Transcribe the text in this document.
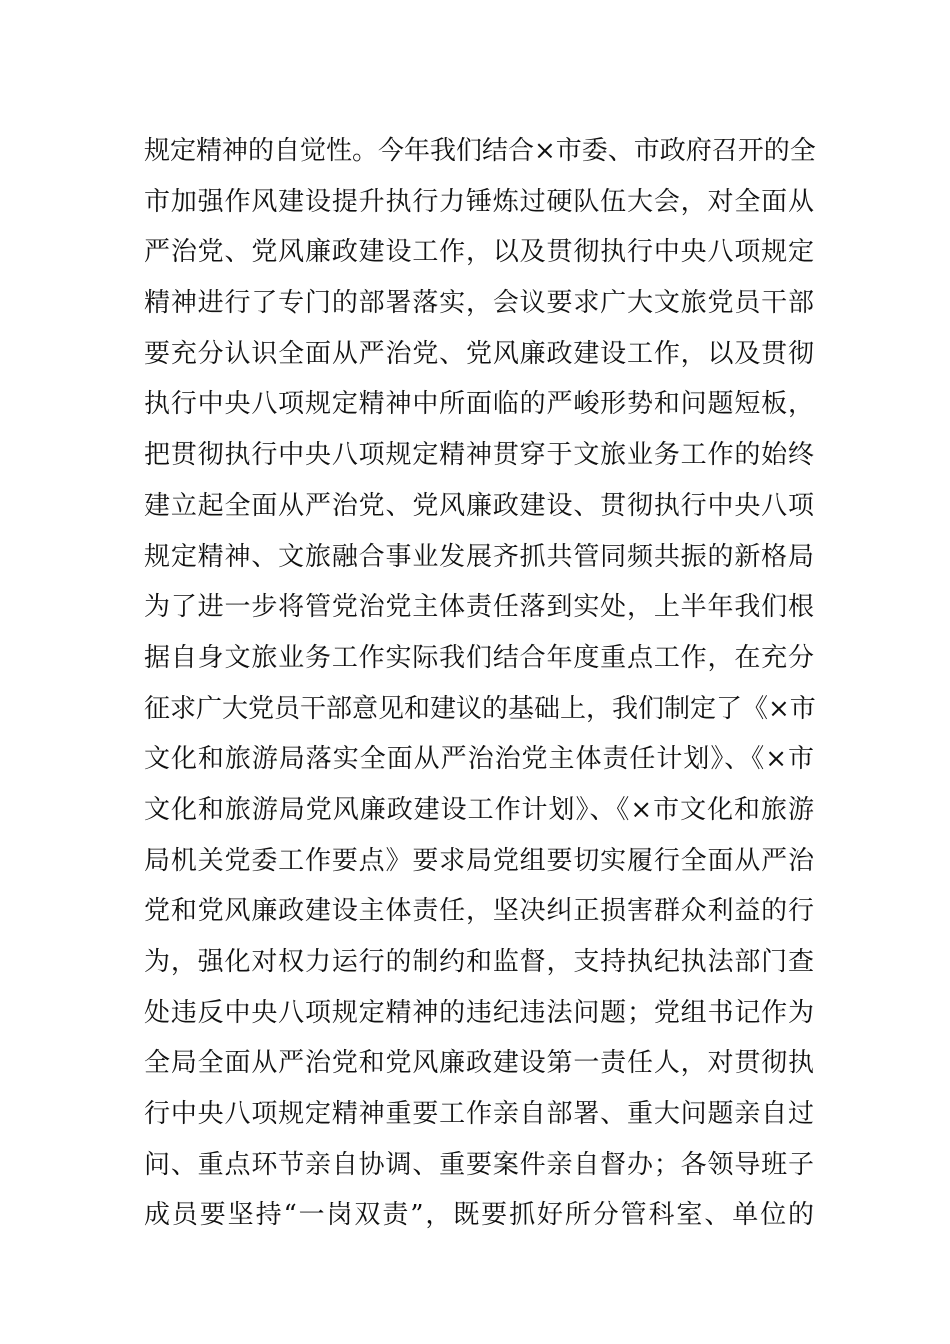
规定精神的自觉性。今年我们结合×市委、市政府召开的全
市加强作风建设提升执行力锤炼过硬队伍大会，对全面从
严治党、党风廉政建设工作，以及贯彻执行中央八项规定
精神进行了专门的部署落实，会议要求广大文旅党员干部
要充分认识全面从严治党、党风廉政建设工作，以及贯彻
执行中央八项规定精神中所面临的严峻形势和问题短板，
把贯彻执行中央八项规定精神贯穿于文旅业务工作的始终
建立起全面从严治党、党风廉政建设、贯彻执行中央八项
规定精神、文旅融合事业发展齐抓共管同频共振的新格局
为了进一步将管党治党主体责任落到实处，上半年我们根
据自身文旅业务工作实际我们结合年度重点工作，在充分
征求广大党员干部意见和建议的基础上，我们制定了《×市
文化和旅游局落实全面从严治治党主体责任计划》、《×市
文化和旅游局党风廉政建设工作计划》、《×市文化和旅游
局机关党委工作要点》要求局党组要切实履行全面从严治
党和党风廉政建设主体责任，坚决纠正损害群众利益的行
为，强化对权力运行的制约和监督，支持执纪执法部门查
处违反中央八项规定精神的违纪违法问题；党组书记作为
全局全面从严治党和党风廉政建设第一责任人，对贯彻执
行中央八项规定精神重要工作亲自部署、重大问题亲自过
问、重点环节亲自协调、重要案件亲自督办；各领导班子
成员要坚持“一岗双责”，既要抓好所分管科室、单位的
